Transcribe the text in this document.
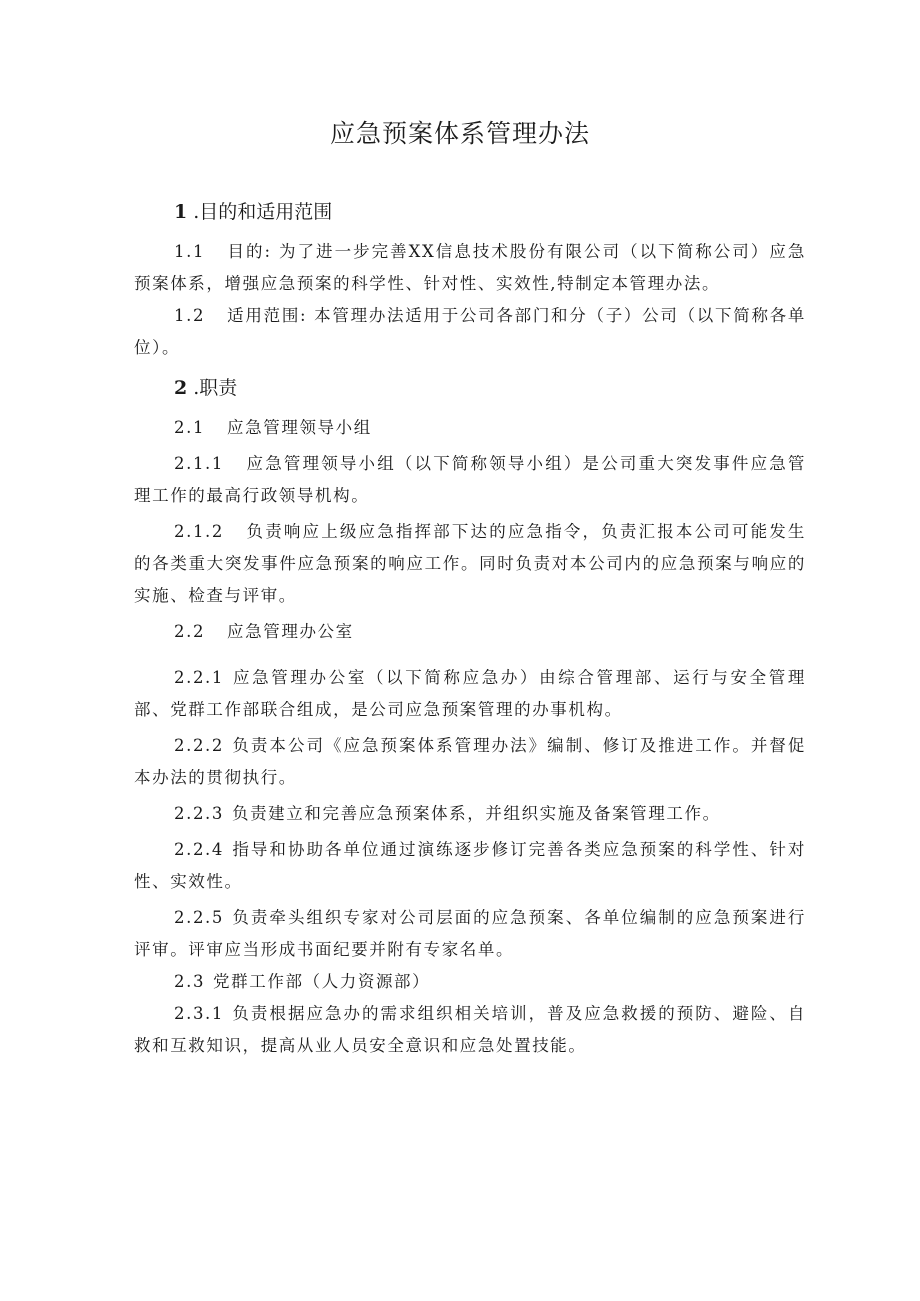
应急预案体系管理办法
1 .目的和适用范围

1.1 目的: 为了进一步完善XX信息技术股份有限公司（以下简称公司）应急预案体系，增强应急预案的科学性、针对性、实效性,特制定本管理办法。

1.2 适用范围: 本管理办法适用于公司各部门和分（子）公司（以下简称各单位）。

2 .职责

2.1 应急管理领导小组

2.1.1 应急管理领导小组（以下简称领导小组）是公司重大突发事件应急管理工作的最高行政领导机构。

2.1.2 负责响应上级应急指挥部下达的应急指令，负责汇报本公司可能发生的各类重大突发事件应急预案的响应工作。同时负责对本公司内的应急预案与响应的实施、检查与评审。

2.2 应急管理办公室

2.2.1 应急管理办公室（以下简称应急办）由综合管理部、运行与安全管理部、党群工作部联合组成，是公司应急预案管理的办事机构。

2.2.2 负责本公司《应急预案体系管理办法》编制、修订及推进工作。并督促本办法的贯彻执行。

2.2.3 负责建立和完善应急预案体系，并组织实施及备案管理工作。

2.2.4 指导和协助各单位通过演练逐步修订完善各类应急预案的科学性、针对性、实效性。

2.2.5 负责牵头组织专家对公司层面的应急预案、各单位编制的应急预案进行评审。评审应当形成书面纪要并附有专家名单。

2.3 党群工作部（人力资源部）

2.3.1 负责根据应急办的需求组织相关培训，普及应急救援的预防、避险、自救和互救知识，提高从业人员安全意识和应急处置技能。
